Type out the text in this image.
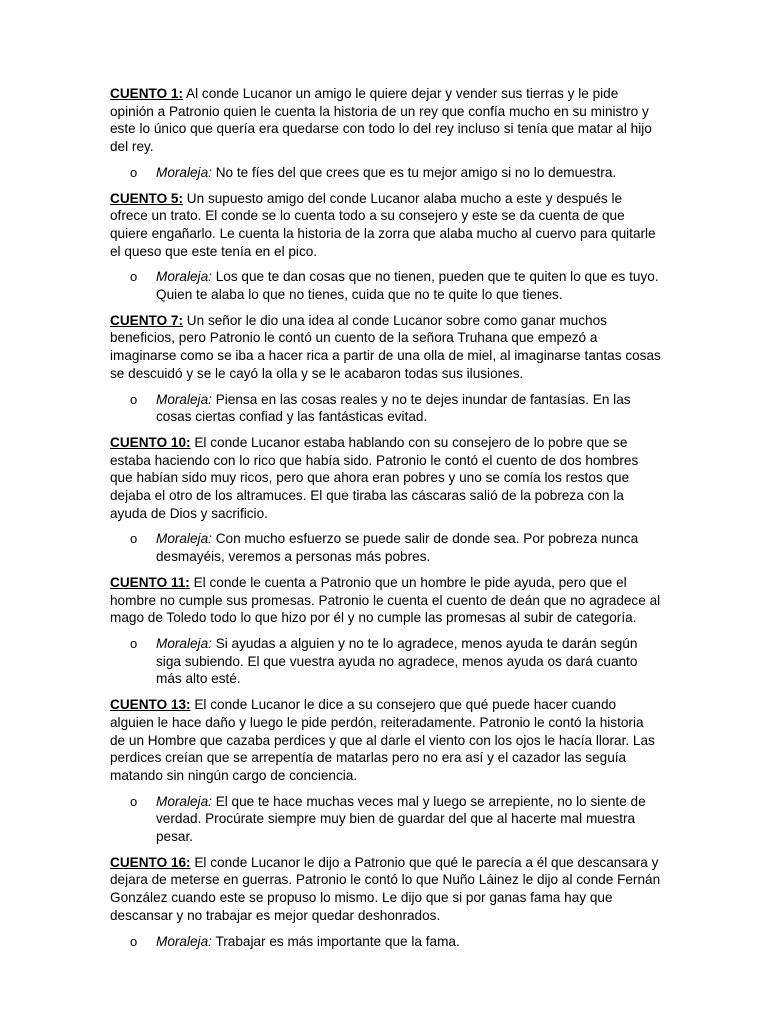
CUENTO 1: Al conde Lucanor un amigo le quiere dejar y vender sus tierras y le pide opinión a Patronio quien le cuenta la historia de un rey que confía mucho en su ministro y este lo único que quería era quedarse con todo lo del rey incluso si tenía que matar al hijo del rey.

o Moraleja: No te fíes del que crees que es tu mejor amigo si no lo demuestra.

CUENTO 5: Un supuesto amigo del conde Lucanor alaba mucho a este y después le ofrece un trato. El conde se lo cuenta todo a su consejero y este se da cuenta de que quiere engañarlo. Le cuenta la historia de la zorra que alaba mucho al cuervo para quitarle el queso que este tenía en el pico.

o Moraleja: Los que te dan cosas que no tienen, pueden que te quiten lo que es tuyo. Quien te alaba lo que no tienes, cuida que no te quite lo que tienes.

CUENTO 7: Un señor le dio una idea al conde Lucanor sobre como ganar muchos beneficios, pero Patronio le contó un cuento de la señora Truhana que empezó a imaginarse como se iba a hacer rica a partir de una olla de miel, al imaginarse tantas cosas se descuidó y se le cayó la olla y se le acabaron todas sus ilusiones.

o Moraleja: Piensa en las cosas reales y no te dejes inundar de fantasías. En las cosas ciertas confiad y las fantásticas evitad.

CUENTO 10: El conde Lucanor estaba hablando con su consejero de lo pobre que se estaba haciendo con lo rico que había sido. Patronio le contó el cuento de dos hombres que habían sido muy ricos, pero que ahora eran pobres y uno se comía los restos que dejaba el otro de los altramuces. El que tiraba las cáscaras salió de la pobreza con la ayuda de Dios y sacrificio.

o Moraleja: Con mucho esfuerzo se puede salir de donde sea. Por pobreza nunca desmayéis, veremos a personas más pobres.

CUENTO 11: El conde le cuenta a Patronio que un hombre le pide ayuda, pero que el hombre no cumple sus promesas. Patronio le cuenta el cuento de deán que no agradece al mago de Toledo todo lo que hizo por él y no cumple las promesas al subir de categoría.

o Moraleja: Si ayudas a alguien y no te lo agradece, menos ayuda te darán según siga subiendo. El que vuestra ayuda no agradece, menos ayuda os dará cuanto más alto esté.

CUENTO 13: El conde Lucanor le dice a su consejero que qué puede hacer cuando alguien le hace daño y luego le pide perdón, reiteradamente. Patronio le contó la historia de un Hombre que cazaba perdices y que al darle el viento con los ojos le hacía llorar. Las perdices creían que se arrepentía de matarlas pero no era así y el cazador las seguía matando sin ningún cargo de conciencia.

o Moraleja: El que te hace muchas veces mal y luego se arrepiente, no lo siente de verdad. Procúrate siempre muy bien de guardar del que al hacerte mal muestra pesar.

CUENTO 16: El conde Lucanor le dijo a Patronio que qué le parecía a él que descansara y dejara de meterse en guerras. Patronio le contó lo que Nuño Láinez le dijo al conde Fernán González cuando este se propuso lo mismo. Le dijo que si por ganas fama hay que descansar y no trabajar es mejor quedar deshonrados.

o Moraleja: Trabajar es más importante que la fama.
